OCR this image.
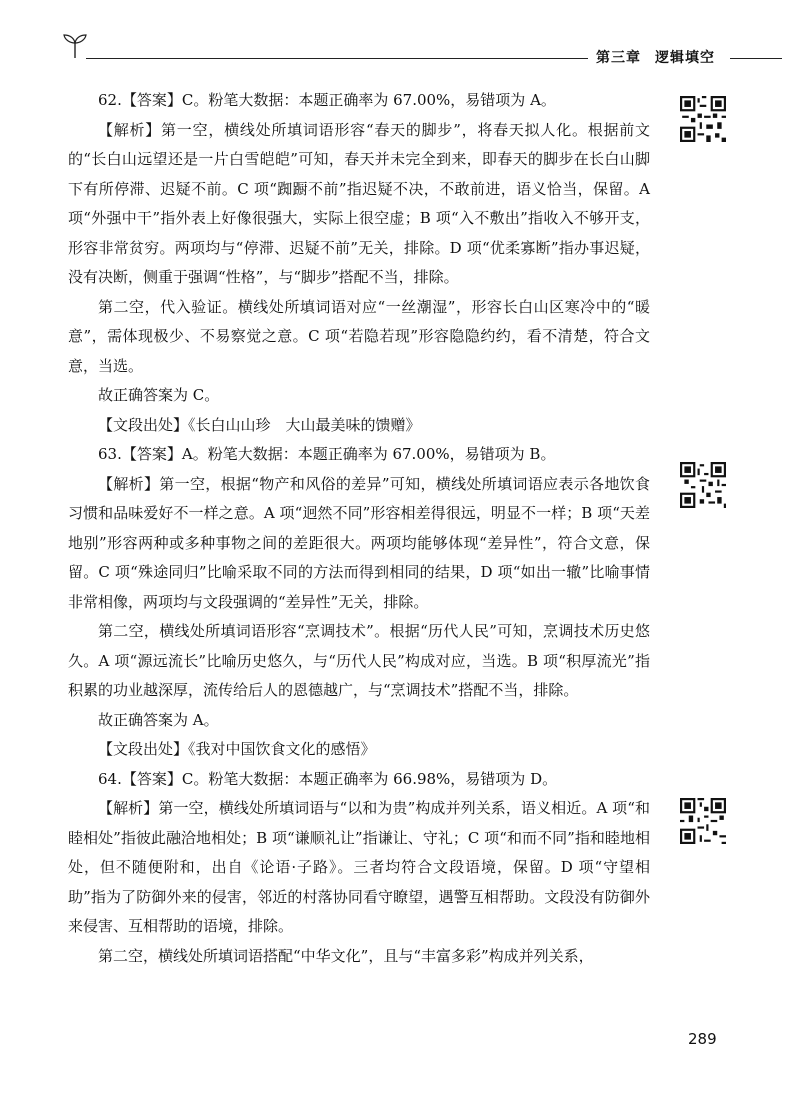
第三章 逻辑填空

62.【答案】C。粉笔大数据：本题正确率为 67.00%，易错项为 A。

【解析】第一空，横线处所填词语形容“春天的脚步”，将春天拟人化。根据前文的“长白山远望还是一片白雪皑皑”可知，春天并未完全到来，即春天的脚步在长白山脚下有所停滞、迟疑不前。C 项“踟蹰不前”指迟疑不决，不敢前进，语义恰当，保留。A 项“外强中干”指外表上好像很强大，实际上很空虚；B 项“入不敷出”指收入不够开支，形容非常贫穷。两项均与“停滞、迟疑不前”无关，排除。D 项“优柔寡断”指办事迟疑，没有决断，侧重于强调“性格”，与“脚步”搭配不当，排除。

第二空，代入验证。横线处所填词语对应“一丝潮湿”，形容长白山区寒冷中的“暖意”，需体现极少、不易察觉之意。C 项“若隐若现”形容隐隐约约，看不清楚，符合文意，当选。

故正确答案为 C。

【文段出处】《长白山山珍　大山最美味的馈赠》

63.【答案】A。粉笔大数据：本题正确率为 67.00%，易错项为 B。

【解析】第一空，根据“物产和风俗的差异”可知，横线处所填词语应表示各地饮食习惯和品味爱好不一样之意。A 项“迥然不同”形容相差得很远，明显不一样；B 项“天差地别”形容两种或多种事物之间的差距很大。两项均能够体现“差异性”，符合文意，保留。C 项“殊途同归”比喻采取不同的方法而得到相同的结果，D 项“如出一辙”比喻事情非常相像，两项均与文段强调的“差异性”无关，排除。

第二空，横线处所填词语形容“烹调技术”。根据“历代人民”可知，烹调技术历史悠久。A 项“源远流长”比喻历史悠久，与“历代人民”构成对应，当选。B 项“积厚流光”指积累的功业越深厚，流传给后人的恩德越广，与“烹调技术”搭配不当，排除。

故正确答案为 A。

【文段出处】《我对中国饮食文化的感悟》

64.【答案】C。粉笔大数据：本题正确率为 66.98%，易错项为 D。

【解析】第一空，横线处所填词语与“以和为贵”构成并列关系，语义相近。A 项“和睦相处”指彼此融洽地相处；B 项“谦顺礼让”指谦让、守礼；C 项“和而不同”指和睦地相处，但不随便附和，出自《论语·子路》。三者均符合文段语境，保留。D 项“守望相助”指为了防御外来的侵害，邻近的村落协同看守瞭望，遇警互相帮助。文段没有防御外来侵害、互相帮助的语境，排除。

第二空，横线处所填词语搭配“中华文化”，且与“丰富多彩”构成并列关系，

289
